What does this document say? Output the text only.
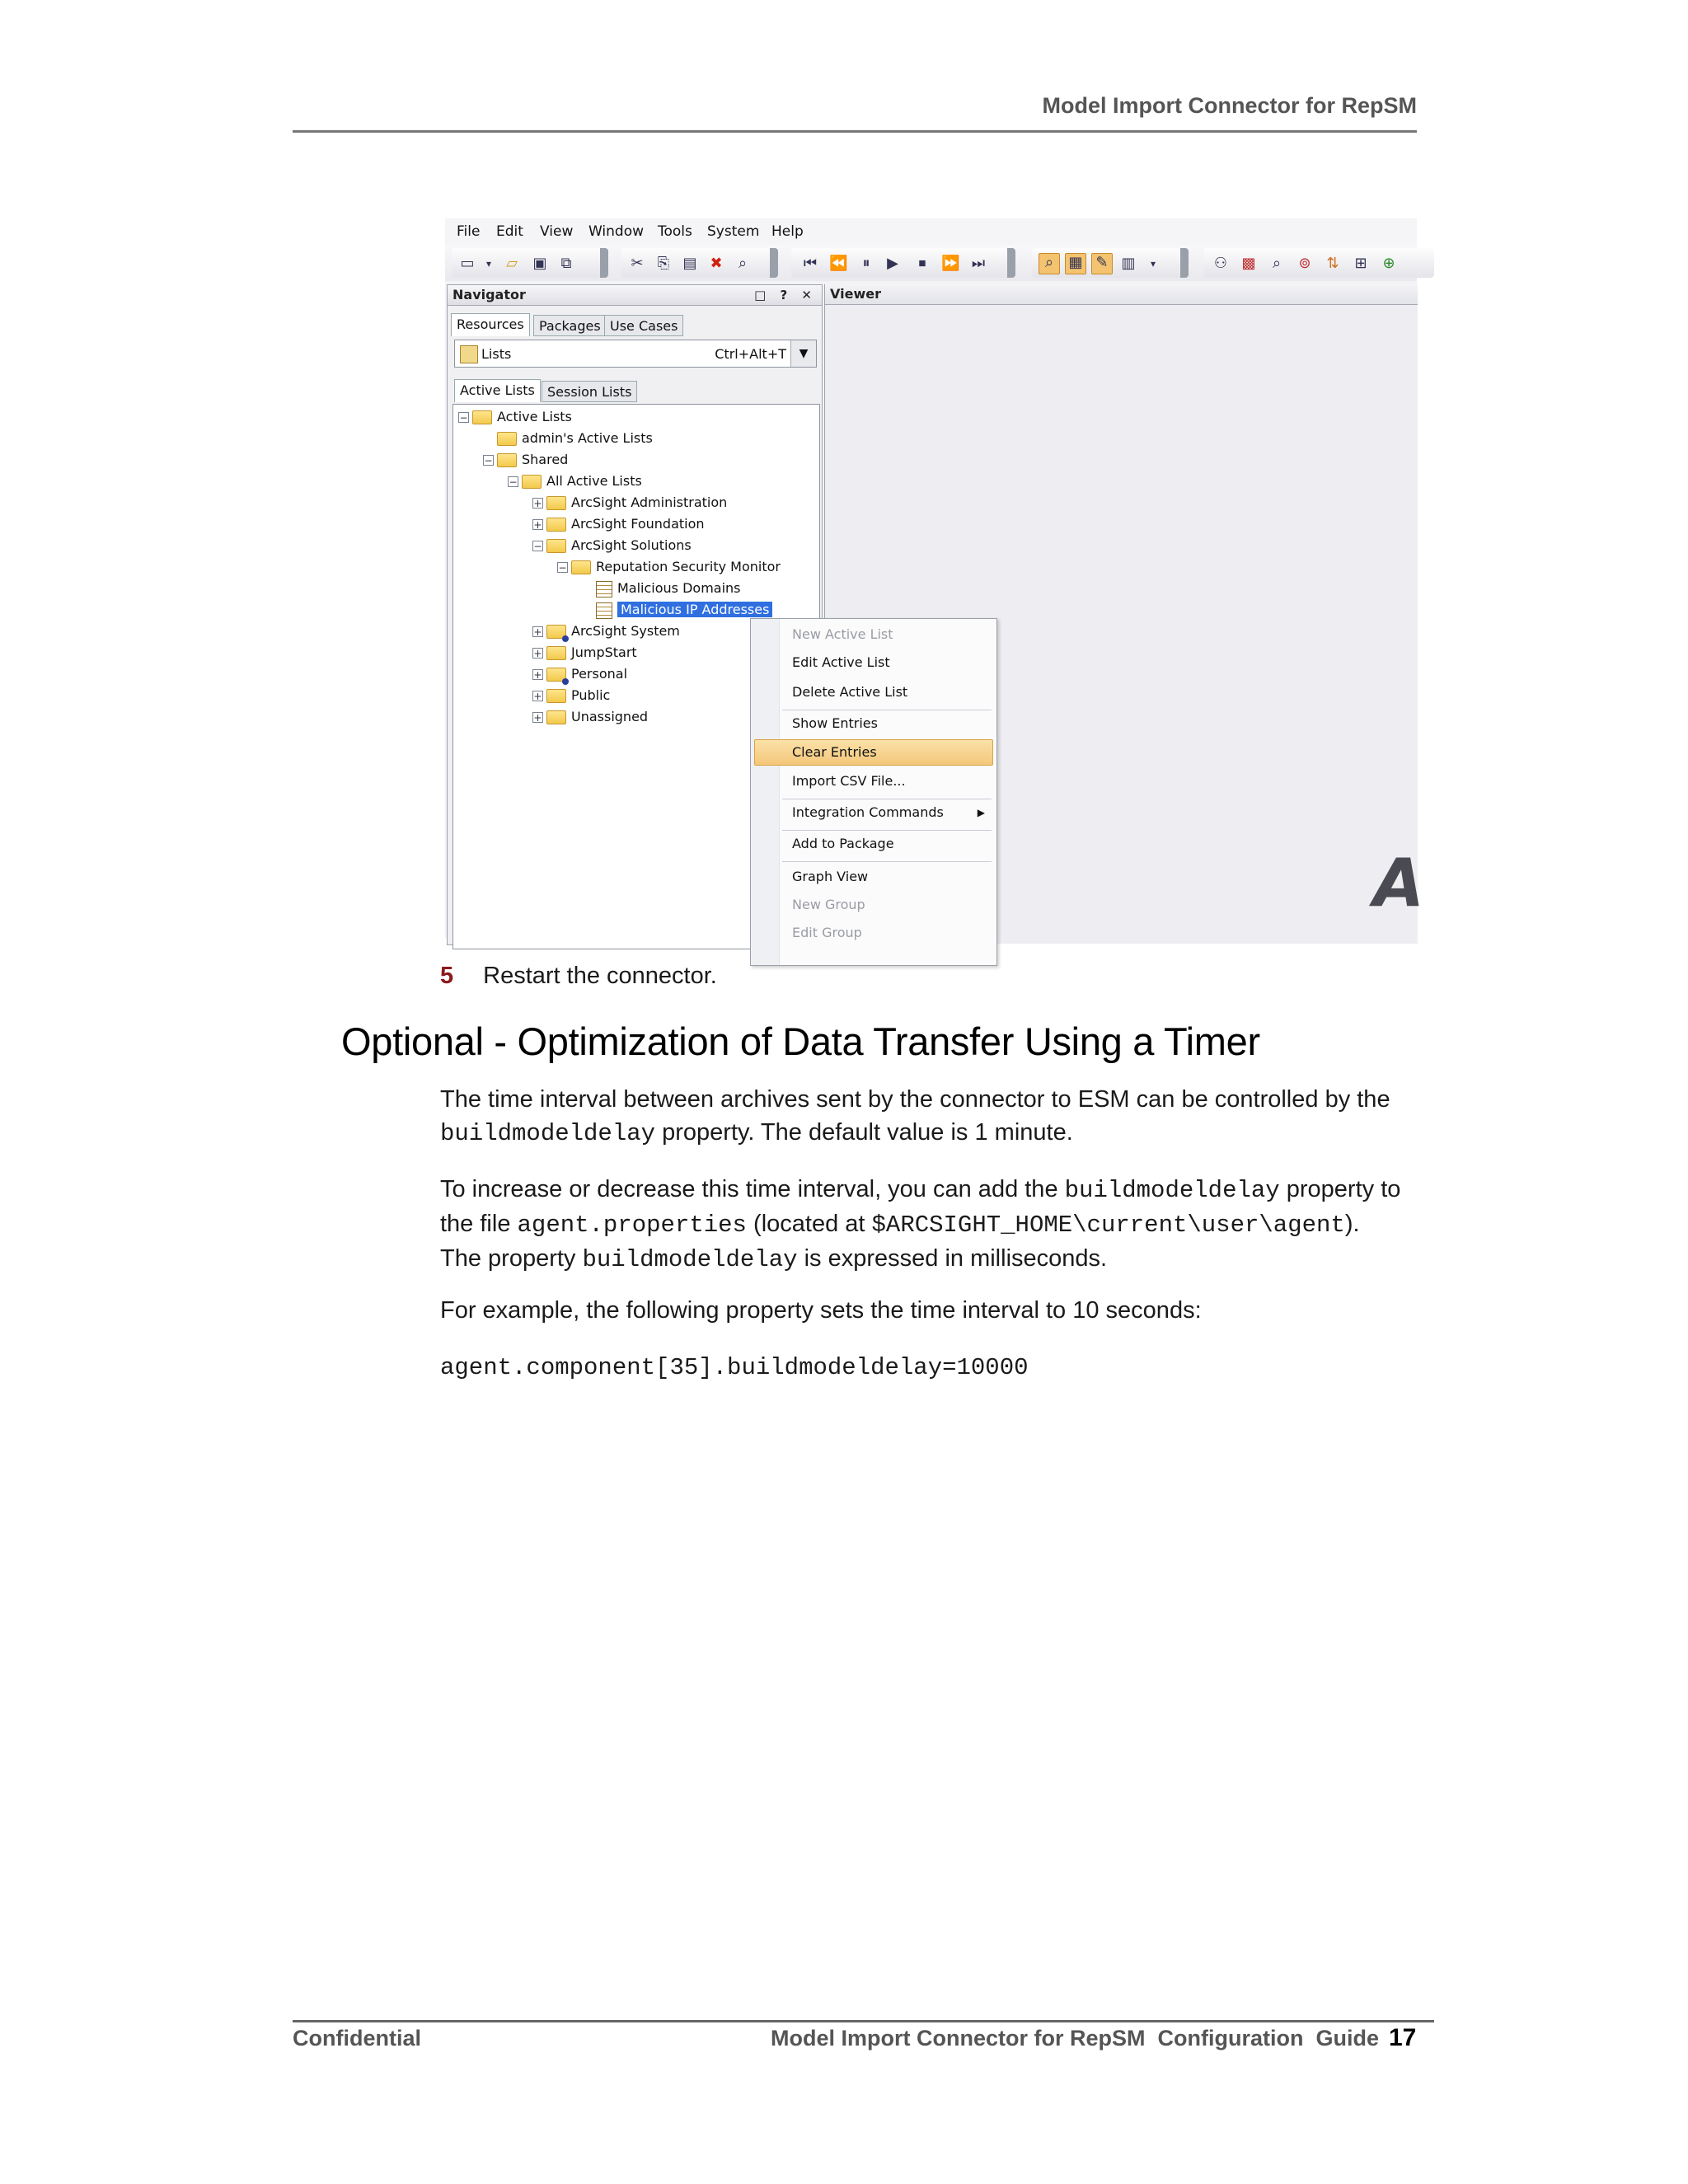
Model Import Connector for RepSM
File Edit View Window Tools System Help
▭	▾	▱ ▣ ⧉	✂ ⎘ ▤ ✖	⌕	⏮ ⏪	⏸	▶	⏹	⏩ ⏭	⌕	▦ ✎ ▥	▾	⚇ ▩	⌕	⊚ ⇅ ⊞ ⊕
Navigator	□ ? ✕
Resources	Packages Use Cases
Lists	Ctrl+Alt+T	▼
Active Lists Session Lists
− Active Lists
admin's Active Lists
− Shared
− All Active Lists
+ ArcSight Administration
+ ArcSight Foundation
− ArcSight Solutions
− Reputation Security Monitor
Malicious Domains
Malicious IP Addresses
+ ArcSight System
+ JumpStart
+ Personal
+ Public
+ Unassigned
Viewer
A
New Active List
Edit Active List
Delete Active List
Show Entries
Clear Entries
Import CSV File...
Integration Commands	▶
Add to Package
Graph View
New Group
Edit Group
5 Restart the connector.
Optional - Optimization of Data Transfer Using a Timer
The time interval between archives sent by the connector to ESM can be controlled by the
buildmodeldelay property. The default value is 1 minute.
To increase or decrease this time interval, you can add the buildmodeldelay property to
the file agent.properties (located at $ARCSIGHT_HOME\current\user\agent).
The property buildmodeldelay is expressed in milliseconds.
For example, the following property sets the time interval to 10 seconds:
agent.component[35].buildmodeldelay=10000
Confidential	Model Import Connector for RepSM  Configuration  Guide 17
